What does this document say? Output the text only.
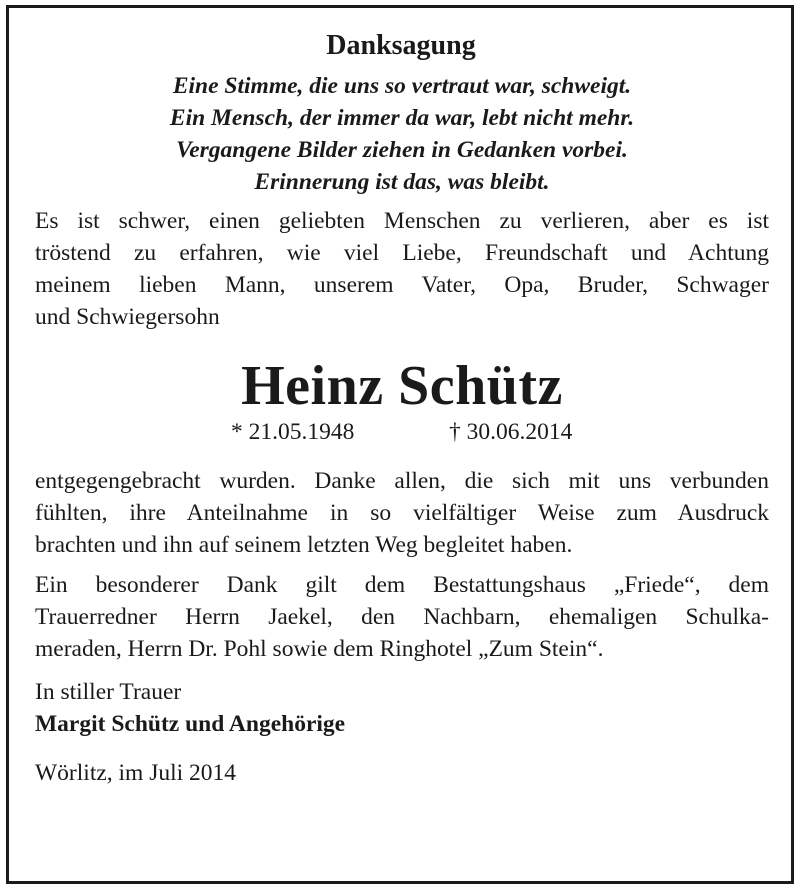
Danksagung
Eine Stimme, die uns so vertraut war, schweigt.
Ein Mensch, der immer da war, lebt nicht mehr.
Vergangene Bilder ziehen in Gedanken vorbei.
Erinnerung ist das, was bleibt.
Es ist schwer, einen geliebten Menschen zu verlieren, aber es ist
tröstend zu erfahren, wie viel Liebe, Freundschaft und Achtung
meinem lieben Mann, unserem Vater, Opa, Bruder, Schwager
und Schwiegersohn
Heinz Schütz
* 21.05.1948	† 30.06.2014
entgegengebracht wurden. Danke allen, die sich mit uns verbunden
fühlten, ihre Anteilnahme in so vielfältiger Weise zum Ausdruck
brachten und ihn auf seinem letzten Weg begleitet haben.
Ein besonderer Dank gilt dem Bestattungshaus „Friede“, dem
Trauerredner Herrn Jaekel, den Nachbarn, ehemaligen Schulka-
meraden, Herrn Dr. Pohl sowie dem Ringhotel „Zum Stein“.
In stiller Trauer
Margit Schütz und Angehörige
Wörlitz, im Juli 2014
